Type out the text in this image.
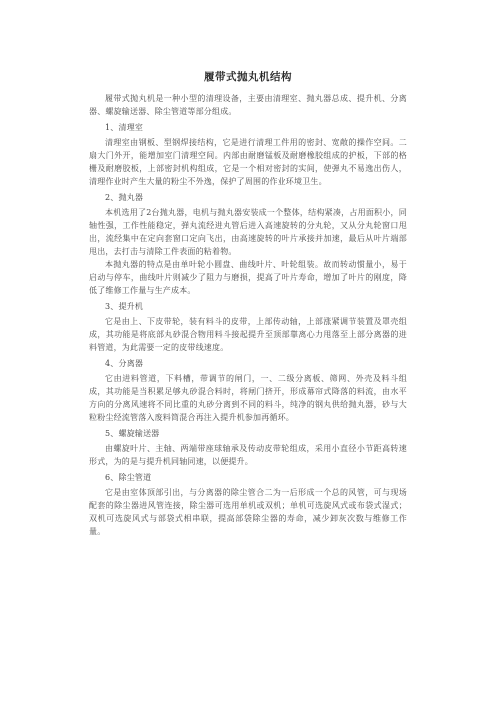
履带式抛丸机结构

履带式抛丸机是一种小型的清理设备，主要由清理室、抛丸器总成、提升机、分离器、螺旋输送器、除尘管道等部分组成。

1、清理室

清理室由钢板、型钢焊接结构，它是进行清理工件用的密封、宽敞的操作空间。二扇大门外开，能增加室门清理空间。内部由耐磨锰板及耐磨橡胶组成的护板，下部的格栅及耐磨胶板，上部密封机构组成，它是一个相对密封的实间，使弹丸不易逸出伤人，清理作业时产生大量的粉尘不外逸，保护了周围的作业环境卫生。

2、抛丸器

本机选用了2台抛丸器，电机与抛丸器安装成一个整体，结构紧凑，占用面积小，同轴性强，工作性能稳定，弹丸流经进丸管后进入高速旋转的分丸轮，又从分丸轮窗口甩出，流经集中在定向套窗口定向飞出，由高速旋转的叶片承接并加速，最后从叶片端部甩出，去打击与清除工件表面的粘着物。

本抛丸器的特点是由单叶轮小圆盘、曲线叶片、叶轮组装。故而转动惯量小，易于启动与停车，曲线叶片则减少了阻力与磨损，提高了叶片寿命，增加了叶片的刚度，降低了维修工作量与生产成本。

3、提升机

它是由上、下皮带轮，装有料斗的皮带，上部传动轴，上部涨紧调节装置及罩壳组成，其功能是将底部丸砂混合物用料斗接起提升至顶部靠离心力甩落至上部分离器的进料管道，为此需要一定的皮带线速度。

4、分离器

它由进料管道，下料槽，带调节的闸门，一、二级分离板、筛网、外壳及料斗组成，其功能是当积累足够丸砂混合料时，将闸门挤开，形成幕帘式降落的料流，由水平方向的分离风速将不同比重的丸砂分离到不同的料斗，纯净的钢丸供给抛丸器，砂与大粒粉尘经流管落入废料筒混合再注入提升机参加再循环。

5、螺旋输送器

由螺旋叶片、主轴、两端带座球轴承及传动皮带轮组成，采用小直径小节距高转速形式，为的是与提升机同轴同速，以便提升。

6、除尘管道

它是由室体顶部引出，与分离器的除尘管合二为一后形成一个总的风管，可与现场配套的除尘器进风管连接，除尘器可选用单机或双机；单机可选旋风式或布袋式湿式；双机可选旋风式与部袋式相串联，提高部袋除尘器的寿命，减少卸灰次数与维修工作量。
